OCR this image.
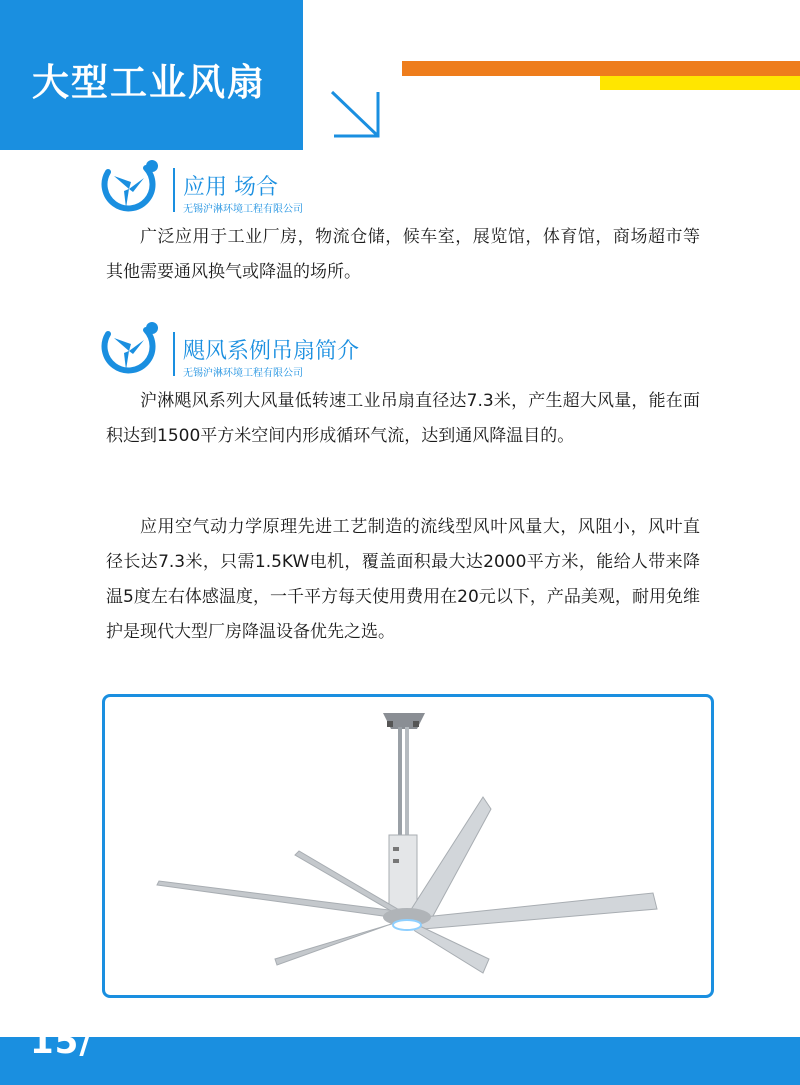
大型工业风扇
应用 场合
无锡沪淋环境工程有限公司

广泛应用于工业厂房，物流仓储，候车室，展览馆，体育馆，商场超市等其他需要通风换气或降温的场所。

飓风系例吊扇简介
无锡沪淋环境工程有限公司

沪淋飓风系列大风量低转速工业吊扇直径达7.3米，产生超大风量，能在面积达到1500平方米空间内形成循环气流，达到通风降温目的。

应用空气动力学原理先进工艺制造的流线型风叶风量大，风阻小，风叶直径长达7.3米，只需1.5KW电机，覆盖面积最大达2000平方米，能给人带来降温5度左右体感温度，一千平方每天使用费用在20元以下，产品美观，耐用免维护是现代大型厂房降温设备优先之选。

15/
